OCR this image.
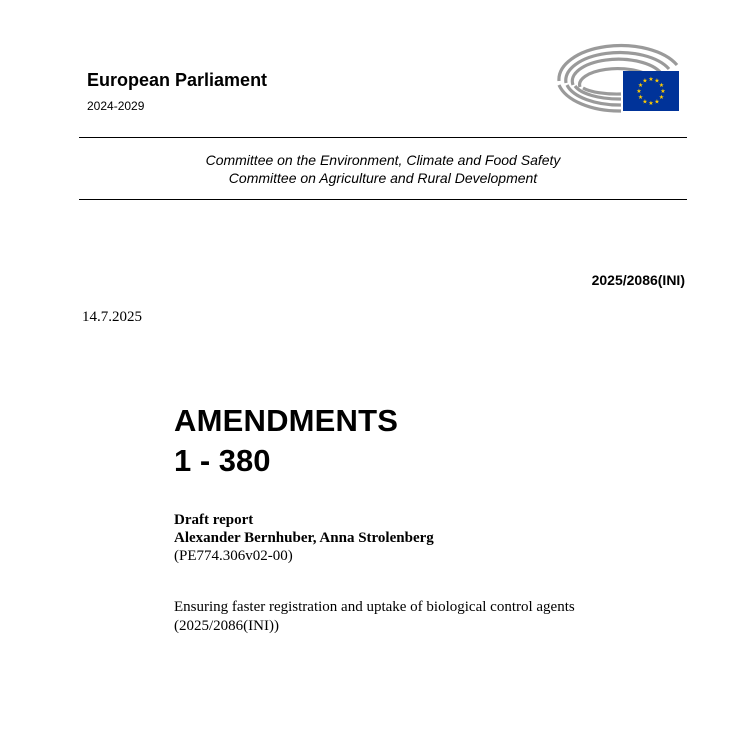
European Parliament
2024-2029
★ ★
★
★
★
★
★
★
★
★
★
★
Committee on the Environment, Climate and Food Safety
Committee on Agriculture and Rural Development
2025/2086(INI)
14.7.2025
AMENDMENTS
1 - 380
Draft report
Alexander Bernhuber, Anna Strolenberg
(PE774.306v02-00)
Ensuring faster registration and uptake of biological control agents
(2025/2086(INI))
